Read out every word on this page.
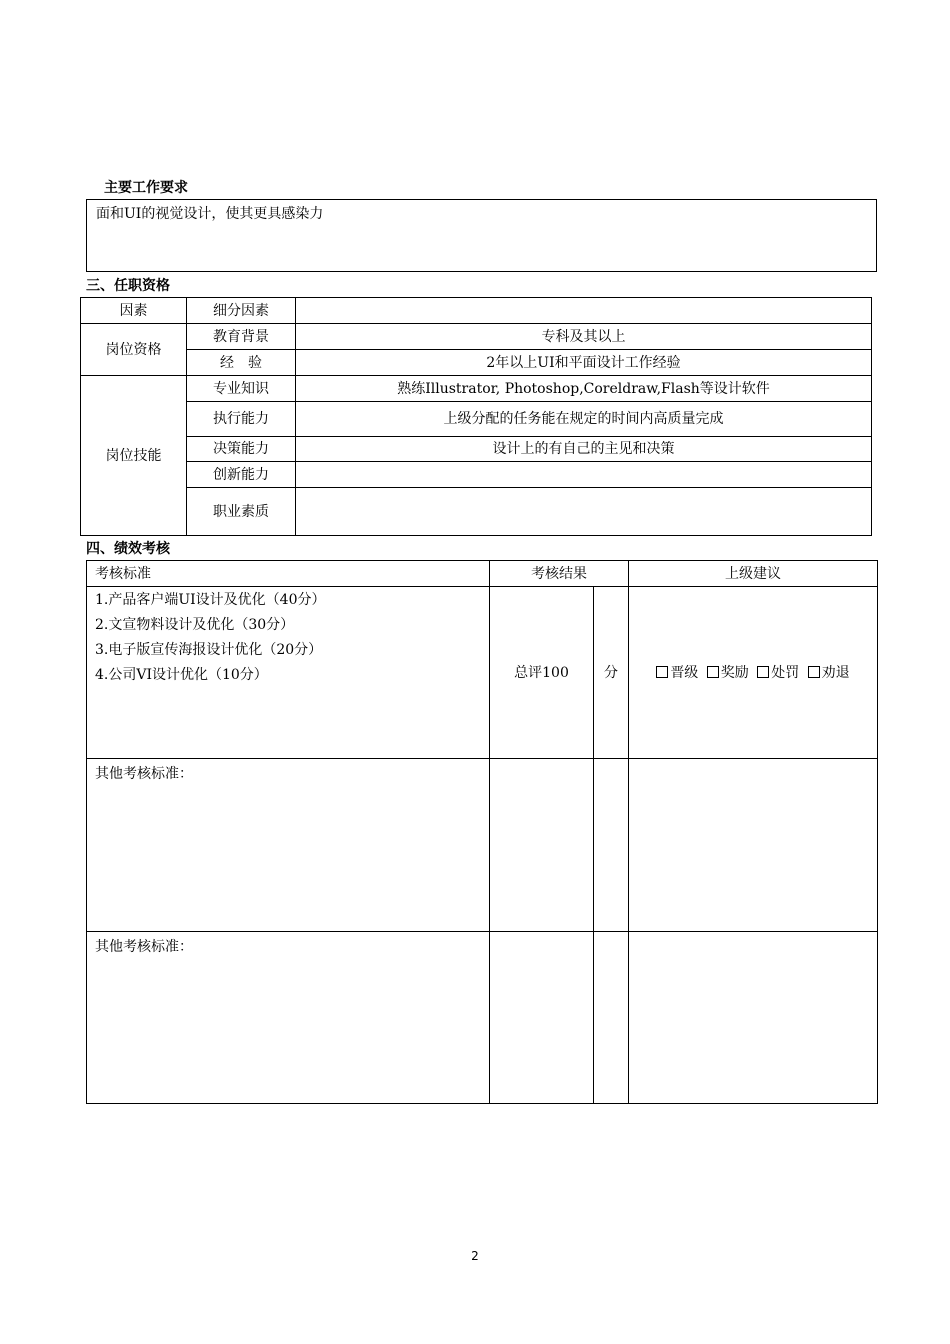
主要工作要求
面和UI的视觉设计，使其更具感染力
三、任职资格
因素	细分因素	
岗位资格	教育背景	专科及其以上
	经　验	2年以上UI和平面设计工作经验
岗位技能	专业知识	熟练Illustrator, Photoshop,Coreldraw,Flash等设计软件
	执行能力	上级分配的任务能在规定的时间内高质量完成
	决策能力	设计上的有自己的主见和决策
	创新能力	
	职业素质	
四、绩效考核
考核标准	考核结果		上级建议

1.产品客户端UI设计及优化（40分）
2.文宣物料设计及优化（30分）
3.电子版宣传海报设计优化（20分）
4.公司VI设计优化（10分）	总评100	分	晋级 奖励 处罚 劝退
其他考核标准：			
其他考核标准：			
2
